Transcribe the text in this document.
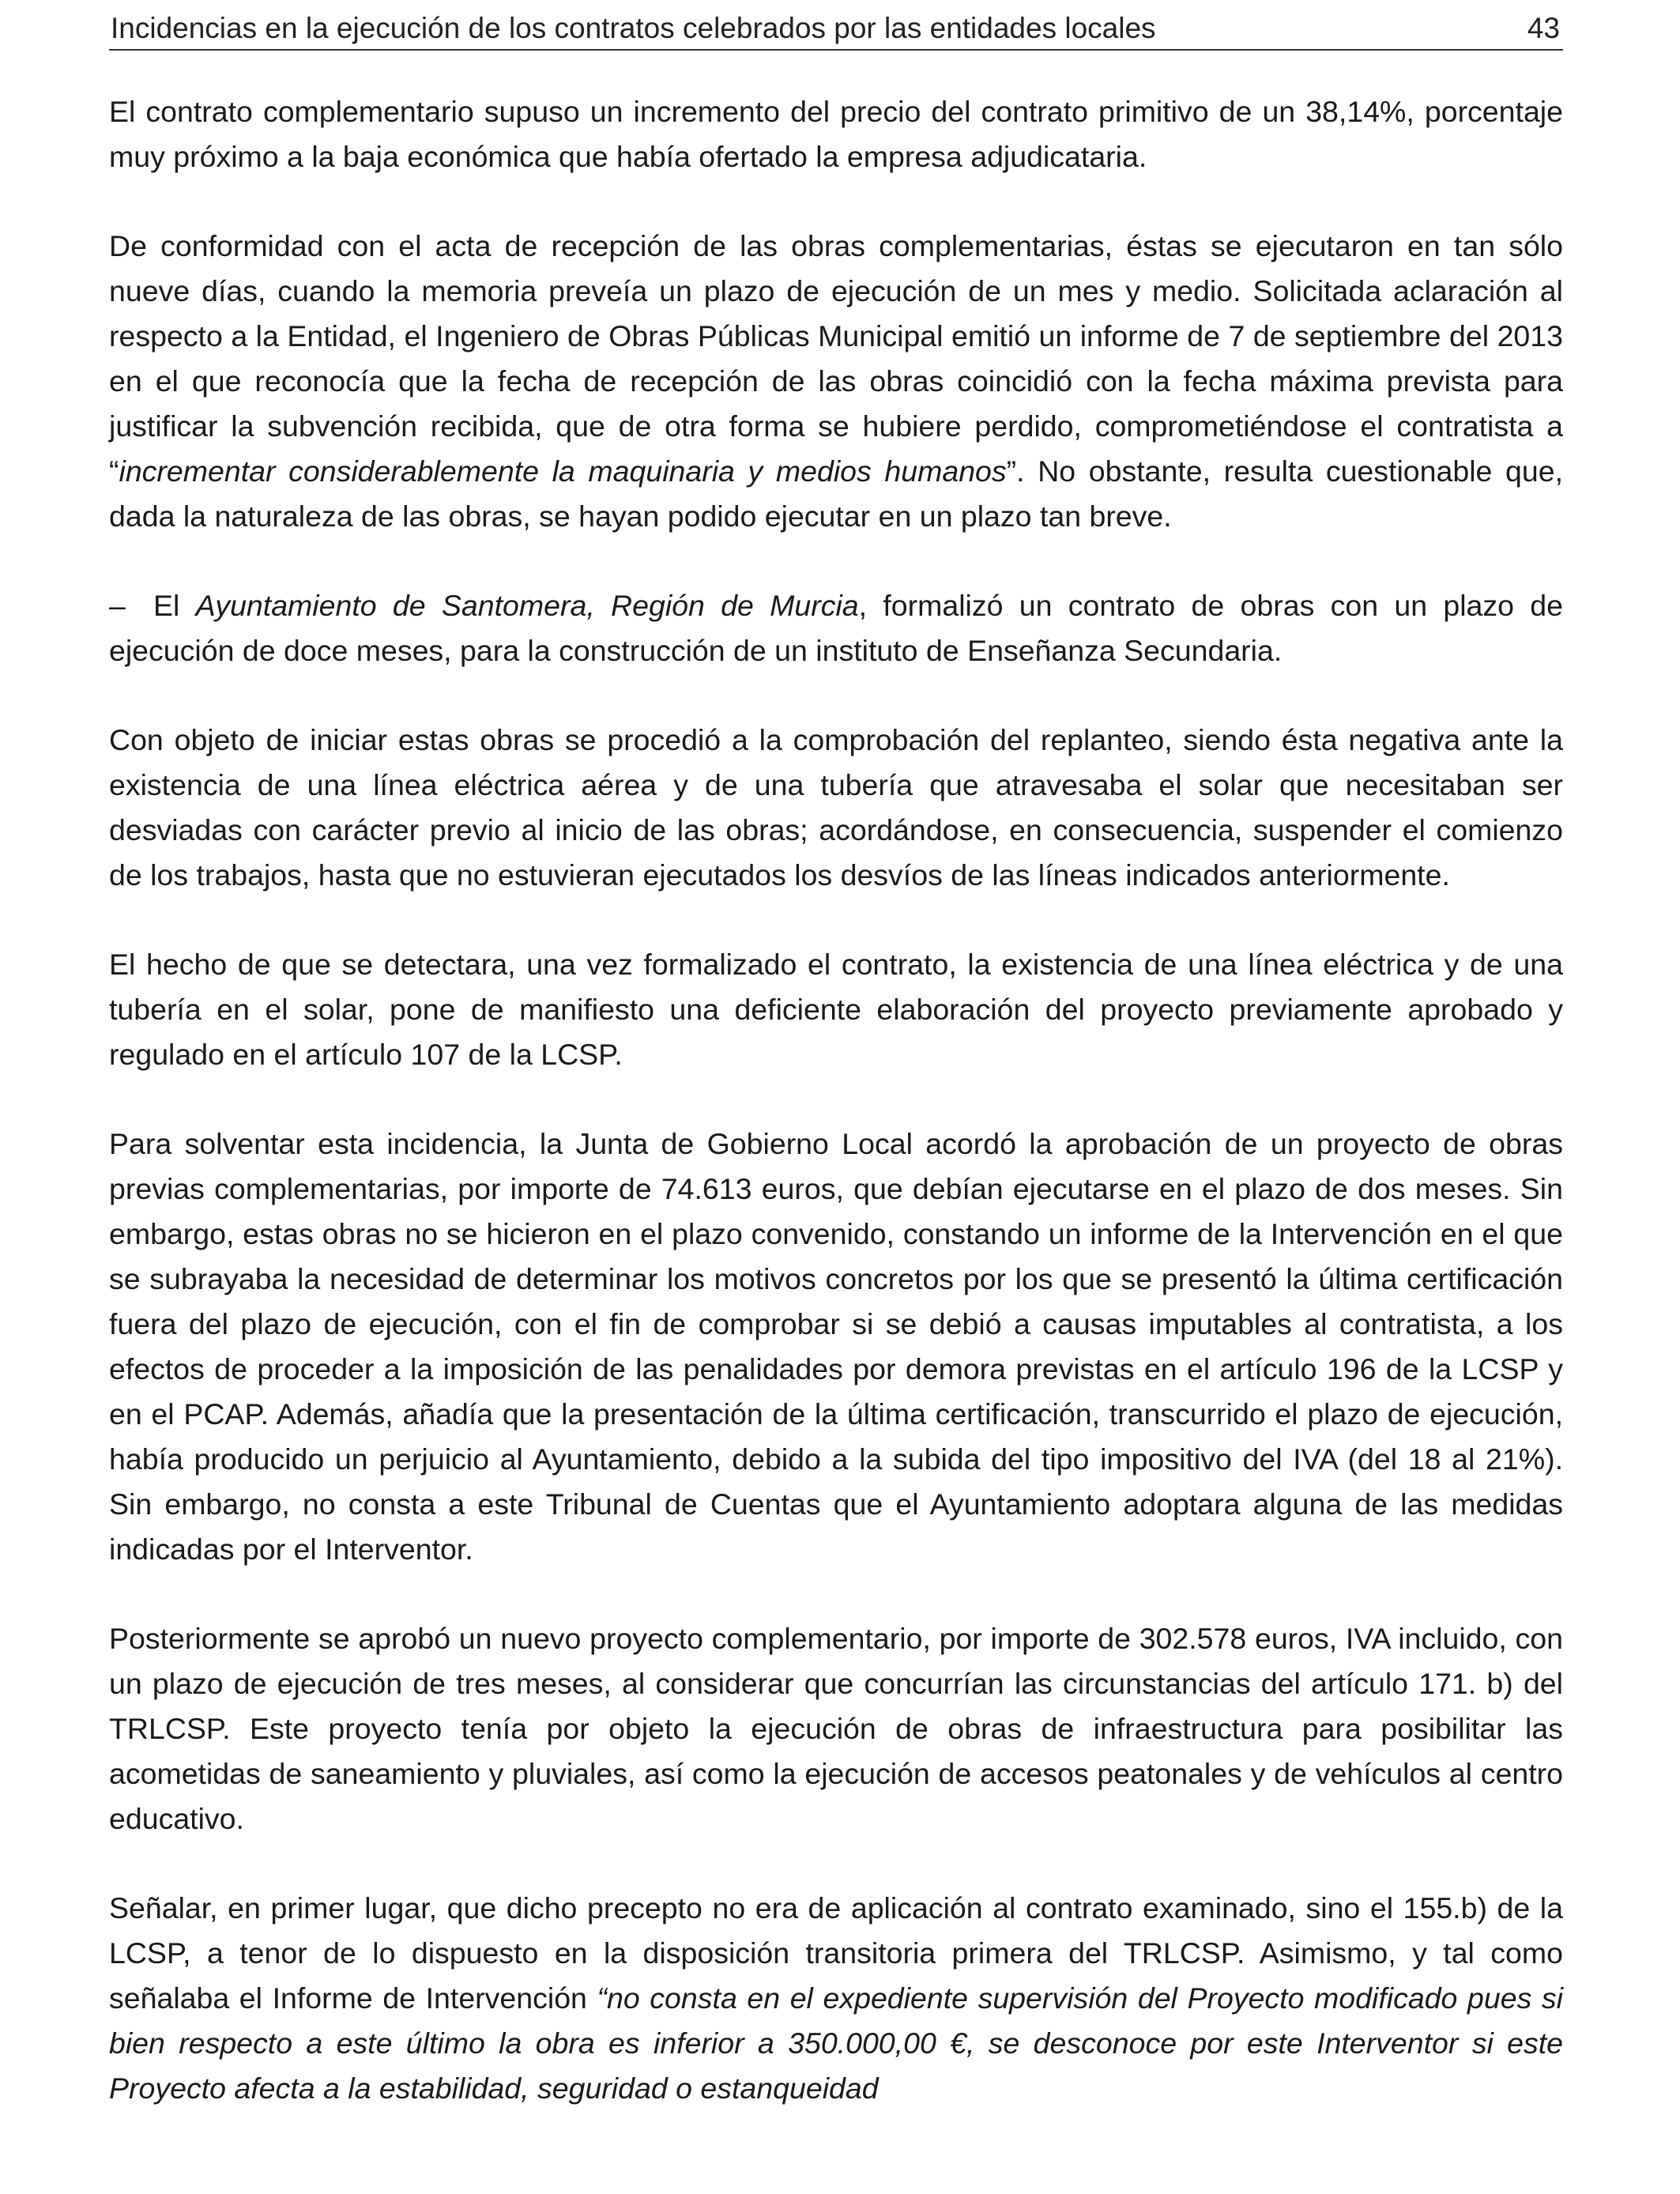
Incidencias en la ejecución de los contratos celebrados por las entidades locales	43

El contrato complementario supuso un incremento del precio del contrato primitivo de un 38,14%, porcentaje muy próximo a la baja económica que había ofertado la empresa adjudicataria.

De conformidad con el acta de recepción de las obras complementarias, éstas se ejecutaron en tan sólo nueve días, cuando la memoria preveía un plazo de ejecución de un mes y medio. Solicitada aclaración al respecto a la Entidad, el Ingeniero de Obras Públicas Municipal emitió un informe de 7 de septiembre del 2013 en el que reconocía que la fecha de recepción de las obras coincidió con la fecha máxima prevista para justificar la subvención recibida, que de otra forma se hubiere perdido, comprometiéndose el contratista a “incrementar considerablemente la maquinaria y medios humanos”. No obstante, resulta cuestionable que, dada la naturaleza de las obras, se hayan podido ejecutar en un plazo tan breve.

– El Ayuntamiento de Santomera, Región de Murcia, formalizó un contrato de obras con un plazo de ejecución de doce meses, para la construcción de un instituto de Enseñanza Secundaria.

Con objeto de iniciar estas obras se procedió a la comprobación del replanteo, siendo ésta negativa ante la existencia de una línea eléctrica aérea y de una tubería que atravesaba el solar que necesitaban ser desviadas con carácter previo al inicio de las obras; acordándose, en consecuencia, suspender el comienzo de los trabajos, hasta que no estuvieran ejecutados los desvíos de las líneas indicados anteriormente.

El hecho de que se detectara, una vez formalizado el contrato, la existencia de una línea eléctrica y de una tubería en el solar, pone de manifiesto una deficiente elaboración del proyecto previamente aprobado y regulado en el artículo 107 de la LCSP.

Para solventar esta incidencia, la Junta de Gobierno Local acordó la aprobación de un proyecto de obras previas complementarias, por importe de 74.613 euros, que debían ejecutarse en el plazo de dos meses. Sin embargo, estas obras no se hicieron en el plazo convenido, constando un informe de la Intervención en el que se subrayaba la necesidad de determinar los motivos concretos por los que se presentó la última certificación fuera del plazo de ejecución, con el fin de comprobar si se debió a causas imputables al contratista, a los efectos de proceder a la imposición de las penalidades por demora previstas en el artículo 196 de la LCSP y en el PCAP. Además, añadía que la presentación de la última certificación, transcurrido el plazo de ejecución, había producido un perjuicio al Ayuntamiento, debido a la subida del tipo impositivo del IVA (del 18 al 21%). Sin embargo, no consta a este Tribunal de Cuentas que el Ayuntamiento adoptara alguna de las medidas indicadas por el Interventor.

Posteriormente se aprobó un nuevo proyecto complementario, por importe de 302.578 euros, IVA incluido, con un plazo de ejecución de tres meses, al considerar que concurrían las circunstancias del artículo 171. b) del TRLCSP. Este proyecto tenía por objeto la ejecución de obras de infraestructura para posibilitar las acometidas de saneamiento y pluviales, así como la ejecución de accesos peatonales y de vehículos al centro educativo.

Señalar, en primer lugar, que dicho precepto no era de aplicación al contrato examinado, sino el 155.b) de la LCSP, a tenor de lo dispuesto en la disposición transitoria primera del TRLCSP. Asimismo, y tal como señalaba el Informe de Intervención “no consta en el expediente supervisión del Proyecto modificado pues si bien respecto a este último la obra es inferior a 350.000,00 €, se desconoce por este Interventor si este Proyecto afecta a la estabilidad, seguridad o estanqueidad
